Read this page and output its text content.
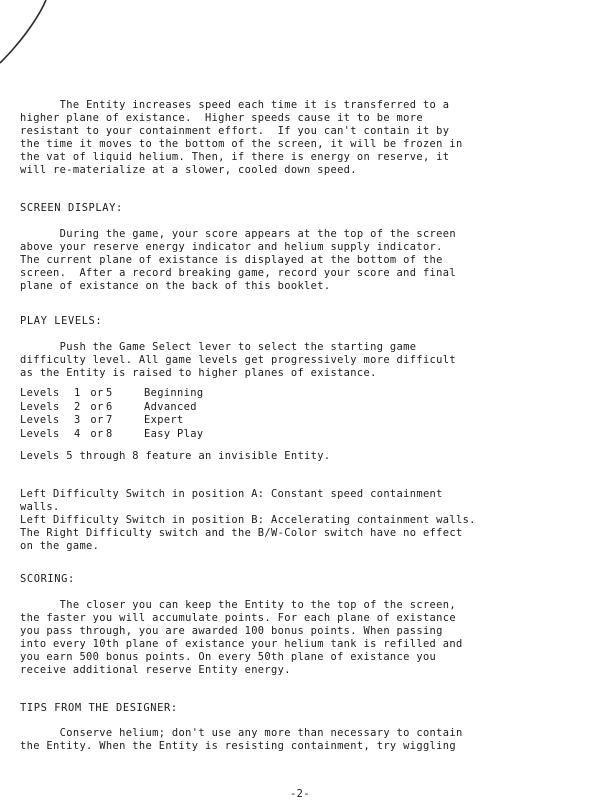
The Entity increases speed each time it is transferred to a
higher plane of existance.  Higher speeds cause it to be more
resistant to your containment effort.  If you can't contain it by
the time it moves to the bottom of the screen, it will be frozen in
the vat of liquid helium. Then, if there is energy on reserve, it
will re-materialize at a slower, cooled down speed.

SCREEN DISPLAY:

During the game, your score appears at the top of the screen
above your reserve energy indicator and helium supply indicator.
The current plane of existance is displayed at the bottom of the
screen.  After a record breaking game, record your score and final
plane of existance on the back of this booklet.

PLAY LEVELS:

Push the Game Select lever to select the starting game
difficulty level. All game levels get progressively more difficult
as the Entity is raised to higher planes of existance.

Levels	1 or 5	Beginning
Levels	2 or 6	Advanced
Levels	3 or 7	Expert
Levels	4 or 8	Easy Play

Levels 5 through 8 feature an invisible Entity.

Left Difficulty Switch in position A: Constant speed containment
walls.
Left Difficulty Switch in position B: Accelerating containment walls.
The Right Difficulty switch and the B/W-Color switch have no effect
on the game.

SCORING:

The closer you can keep the Entity to the top of the screen,
the faster you will accumulate points. For each plane of existance
you pass through, you are awarded 100 bonus points. When passing
into every 10th plane of existance your helium tank is refilled and
you earn 500 bonus points. On every 50th plane of existance you
receive additional reserve Entity energy.

TIPS FROM THE DESIGNER:

Conserve helium; don't use any more than necessary to contain
the Entity. When the Entity is resisting containment, try wiggling

-2-
